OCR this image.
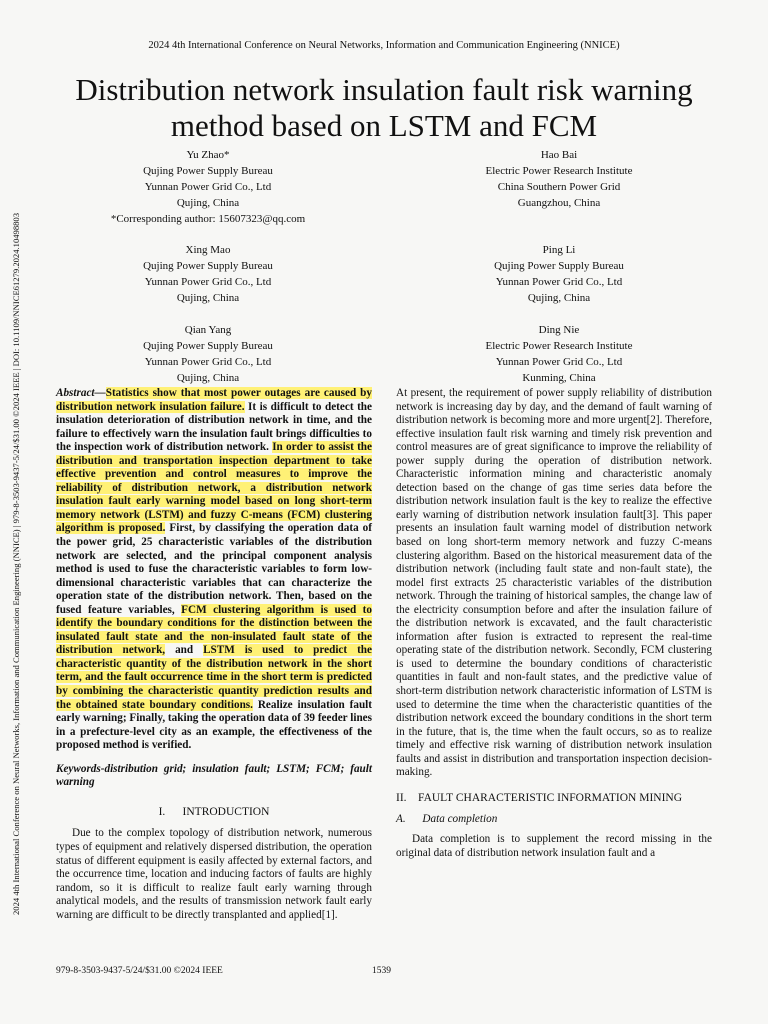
2024 4th International Conference on Neural Networks, Information and Communication Engineering (NNICE)
Distribution network insulation fault risk warning method based on LSTM and FCM
2024 4th International Conference on Neural Networks, Information and Communication Engineering (NNICE) | 979-8-3503-9437-5/24/$31.00 ©2024 IEEE | DOI: 10.1109/NNICE61279.2024.10498803
Yu Zhao*
Qujing Power Supply Bureau
Yunnan Power Grid Co., Ltd
Qujing, China
*Corresponding author: 15607323@qq.com
Hao Bai
Electric Power Research Institute
China Southern Power Grid
Guangzhou, China
Xing Mao
Qujing Power Supply Bureau
Yunnan Power Grid Co., Ltd
Qujing, China
Ping Li
Qujing Power Supply Bureau
Yunnan Power Grid Co., Ltd
Qujing, China
Qian Yang
Qujing Power Supply Bureau
Yunnan Power Grid Co., Ltd
Qujing, China
Ding Nie
Electric Power Research Institute
Yunnan Power Grid Co., Ltd
Kunming, China

Abstract—Statistics show that most power outages are caused by distribution network insulation failure. It is difficult to detect the insulation deterioration of distribution network in time, and the failure to effectively warn the insulation fault brings difficulties to the inspection work of distribution network. In order to assist the distribution and transportation inspection department to take effective prevention and control measures to improve the reliability of distribution network, a distribution network insulation fault early warning model based on long short-term memory network (LSTM) and fuzzy C-means (FCM) clustering algorithm is proposed. First, by classifying the operation data of the power grid, 25 characteristic variables of the distribution network are selected, and the principal component analysis method is used to fuse the characteristic variables to form low-dimensional characteristic variables that can characterize the operation state of the distribution network. Then, based on the fused feature variables, FCM clustering algorithm is used to identify the boundary conditions for the distinction between the insulated fault state and the non-insulated fault state of the distribution network, and LSTM is used to predict the characteristic quantity of the distribution network in the short term, and the fault occurrence time in the short term is predicted by combining the characteristic quantity prediction results and the obtained state boundary conditions. Realize insulation fault early warning; Finally, taking the operation data of 39 feeder lines in a prefecture-level city as an example, the effectiveness of the proposed method is verified.

Keywords-distribution grid; insulation fault; LSTM; FCM; fault warning

I.  INTRODUCTION

Due to the complex topology of distribution network, numerous types of equipment and relatively dispersed distribution, the operation status of different equipment is easily affected by external factors, and the occurrence time, location and inducing factors of faults are highly random, so it is difficult to realize fault early warning through analytical models, and the results of transmission network fault early warning are difficult to be directly transplanted and applied[1].

At present, the requirement of power supply reliability of distribution network is increasing day by day, and the demand of fault warning of distribution network is becoming more and more urgent[2]. Therefore, effective insulation fault risk warning and timely risk prevention and control measures are of great significance to improve the reliability of power supply during the operation of distribution network. Characteristic information mining and characteristic anomaly detection based on the change of gas time series data before the distribution network insulation fault is the key to realize the effective early warning of distribution network insulation fault[3]. This paper presents an insulation fault warning model of distribution network based on long short-term memory network and fuzzy C-means clustering algorithm. Based on the historical measurement data of the distribution network (including fault state and non-fault state), the model first extracts 25 characteristic variables of the distribution network. Through the training of historical samples, the change law of the electricity consumption before and after the insulation failure of the distribution network is excavated, and the fault characteristic information after fusion is extracted to represent the real-time operating state of the distribution network. Secondly, FCM clustering is used to determine the boundary conditions of characteristic quantities in fault and non-fault states, and the predictive value of short-term distribution network characteristic information of LSTM is used to determine the time when the characteristic quantities of the distribution network exceed the boundary conditions in the short term in the future, that is, the time when the fault occurs, so as to realize timely and effective risk warning of distribution network insulation faults and assist in distribution and transportation inspection decision-making.

II. FAULT CHARACTERISTIC INFORMATION MINING

A.  Data completion

Data completion is to supplement the record missing in the original data of distribution network insulation fault and a

979-8-3503-9437-5/24/$31.00 ©2024 IEEE	1539
